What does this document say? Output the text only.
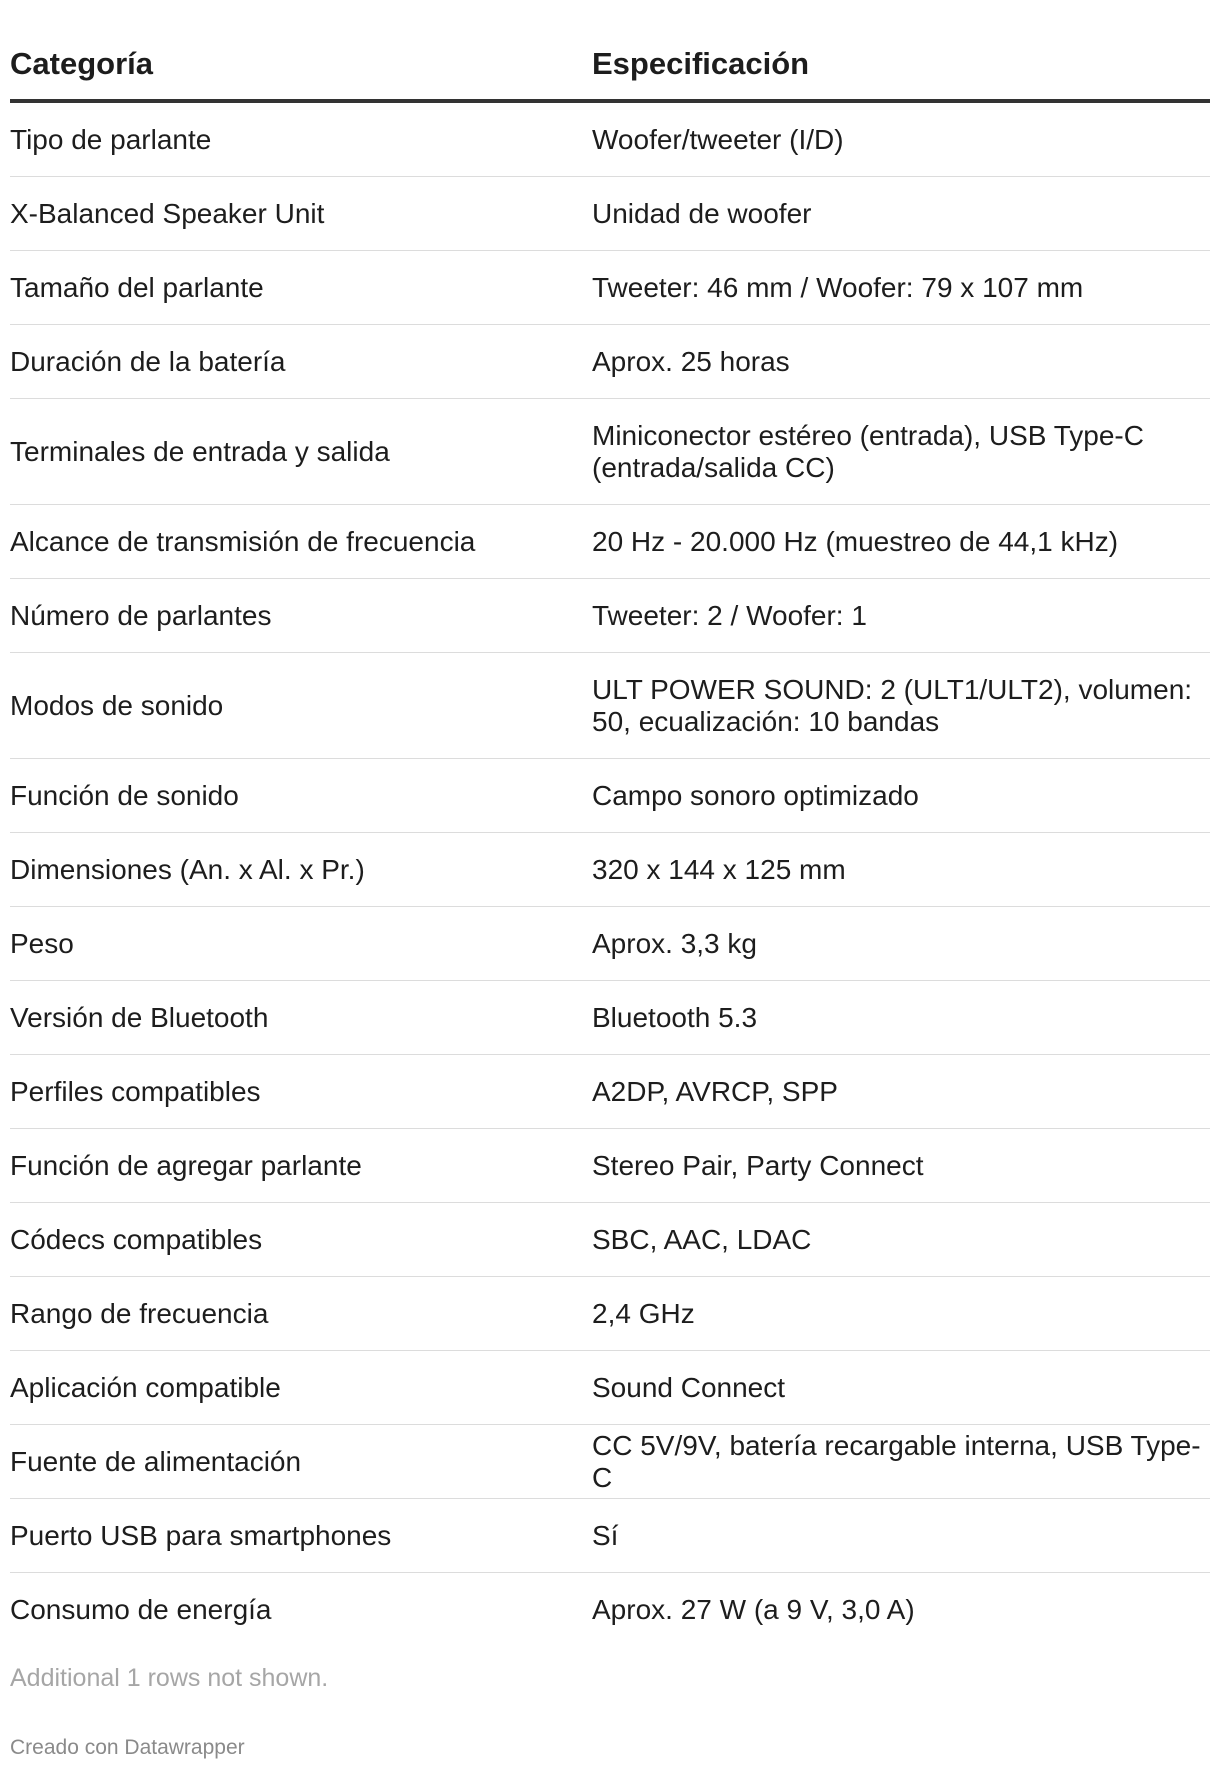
Categoría	Especificación
Tipo de parlante	Woofer/tweeter (I/D)
X-Balanced Speaker Unit	Unidad de woofer
Tamaño del parlante	Tweeter: 46 mm / Woofer: 79 x 107 mm
Duración de la batería	Aprox. 25 horas
Terminales de entrada y salida	Miniconector estéreo (entrada), USB Type-C (entrada/salida CC)
Alcance de transmisión de frecuencia	20 Hz - 20.000 Hz (muestreo de 44,1 kHz)
Número de parlantes	Tweeter: 2 / Woofer: 1
Modos de sonido	ULT POWER SOUND: 2 (ULT1/ULT2), volumen: 50, ecualización: 10 bandas
Función de sonido	Campo sonoro optimizado
Dimensiones (An. x Al. x Pr.)	320 x 144 x 125 mm
Peso	Aprox. 3,3 kg
Versión de Bluetooth	Bluetooth 5.3
Perfiles compatibles	A2DP, AVRCP, SPP
Función de agregar parlante	Stereo Pair, Party Connect
Códecs compatibles	SBC, AAC, LDAC
Rango de frecuencia	2,4 GHz
Aplicación compatible	Sound Connect
Fuente de alimentación	CC 5V/9V, batería recargable interna, USB Type-C
Puerto USB para smartphones	Sí
Consumo de energía	Aprox. 27 W (a 9 V, 3,0 A)
Additional 1 rows not shown.
Creado con Datawrapper
